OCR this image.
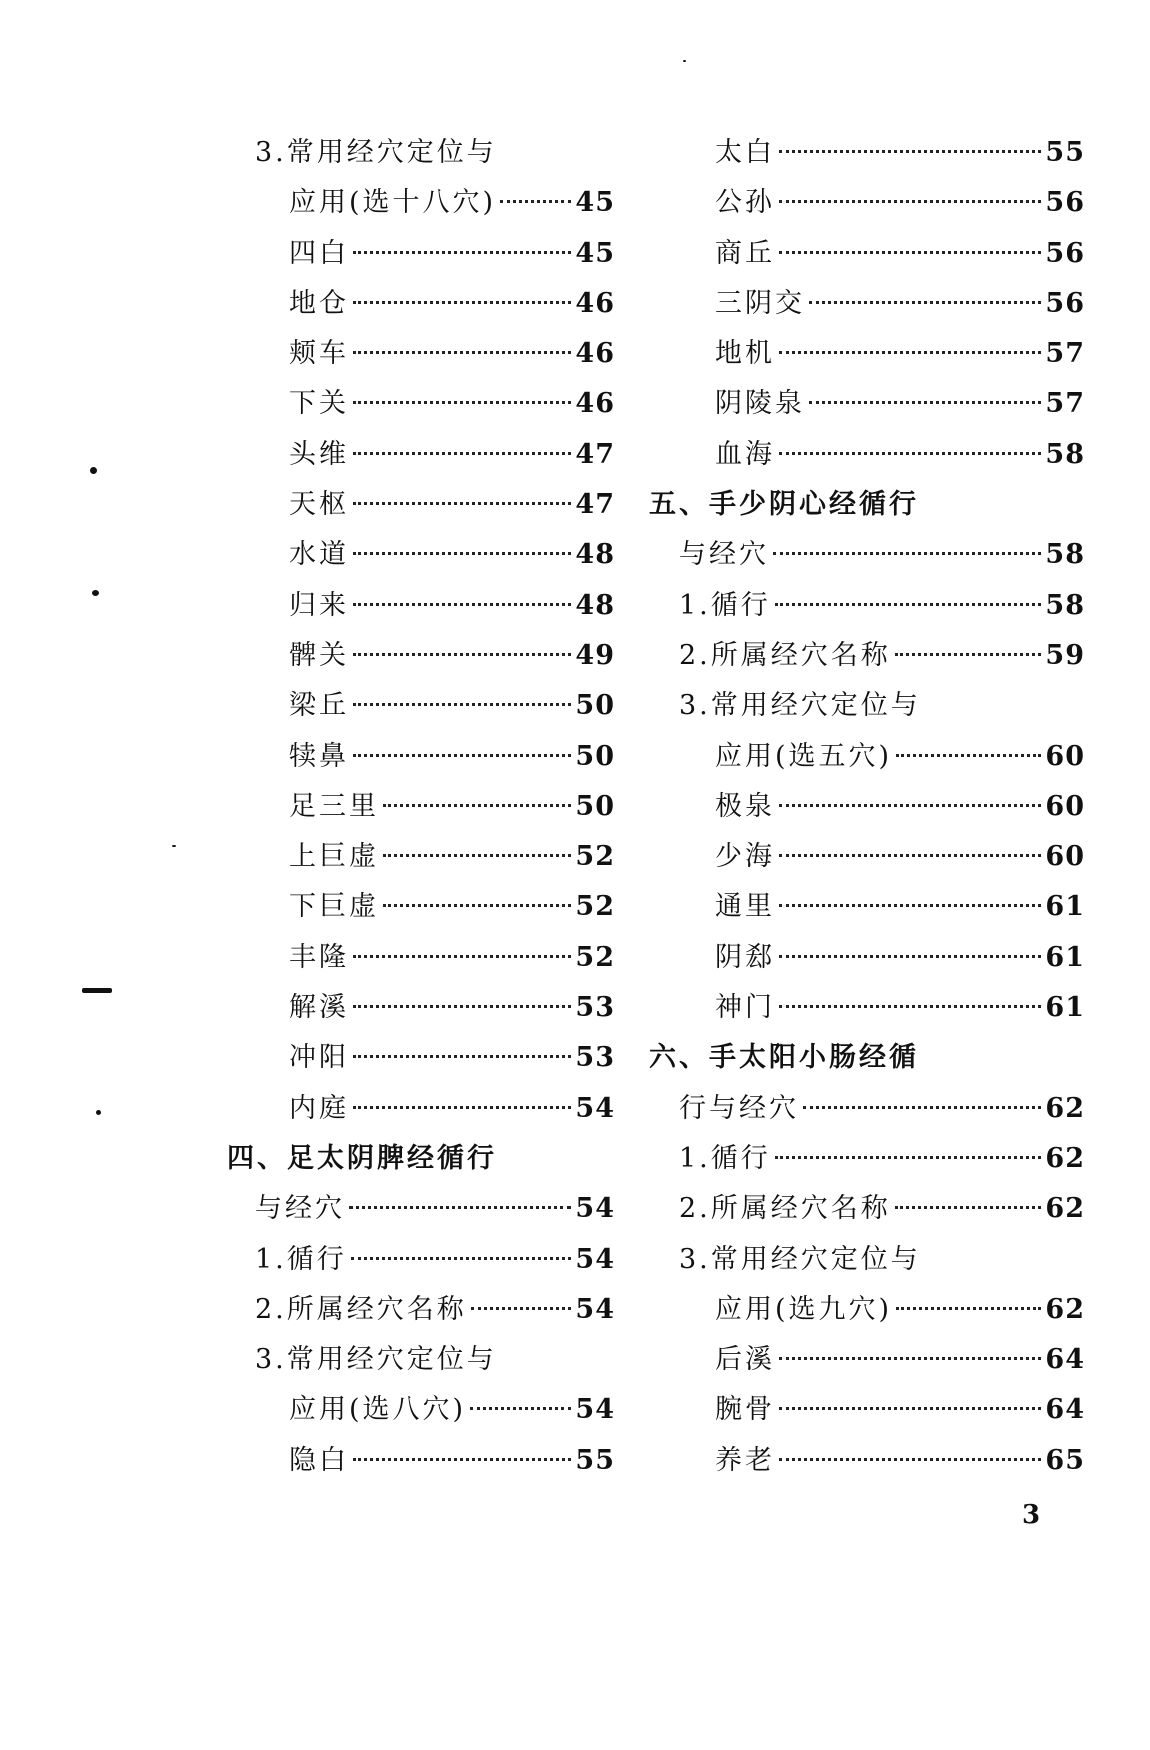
3.常用经穴定位与
应用(选十八穴)	45
四白	45
地仓	46
颊车	46
下关	46
头维	47
天枢	47
水道	48
归来	48
髀关	49
梁丘	50
犊鼻	50
足三里	50
上巨虚	52
下巨虚	52
丰隆	52
解溪	53
冲阳	53
内庭	54
四、足太阴脾经循行
与经穴	54
1.循行	54
2.所属经穴名称	54
3.常用经穴定位与
应用(选八穴)	54
隐白	55
太白	55
公孙	56
商丘	56
三阴交	56
地机	57
阴陵泉	57
血海	58
五、手少阴心经循行
与经穴	58
1.循行	58
2.所属经穴名称	59
3.常用经穴定位与
应用(选五穴)	60
极泉	60
少海	60
通里	61
阴郄	61
神门	61
六、手太阳小肠经循
行与经穴	62
1.循行	62
2.所属经穴名称	62
3.常用经穴定位与
应用(选九穴)	62
后溪	64
腕骨	64
养老	65
3
